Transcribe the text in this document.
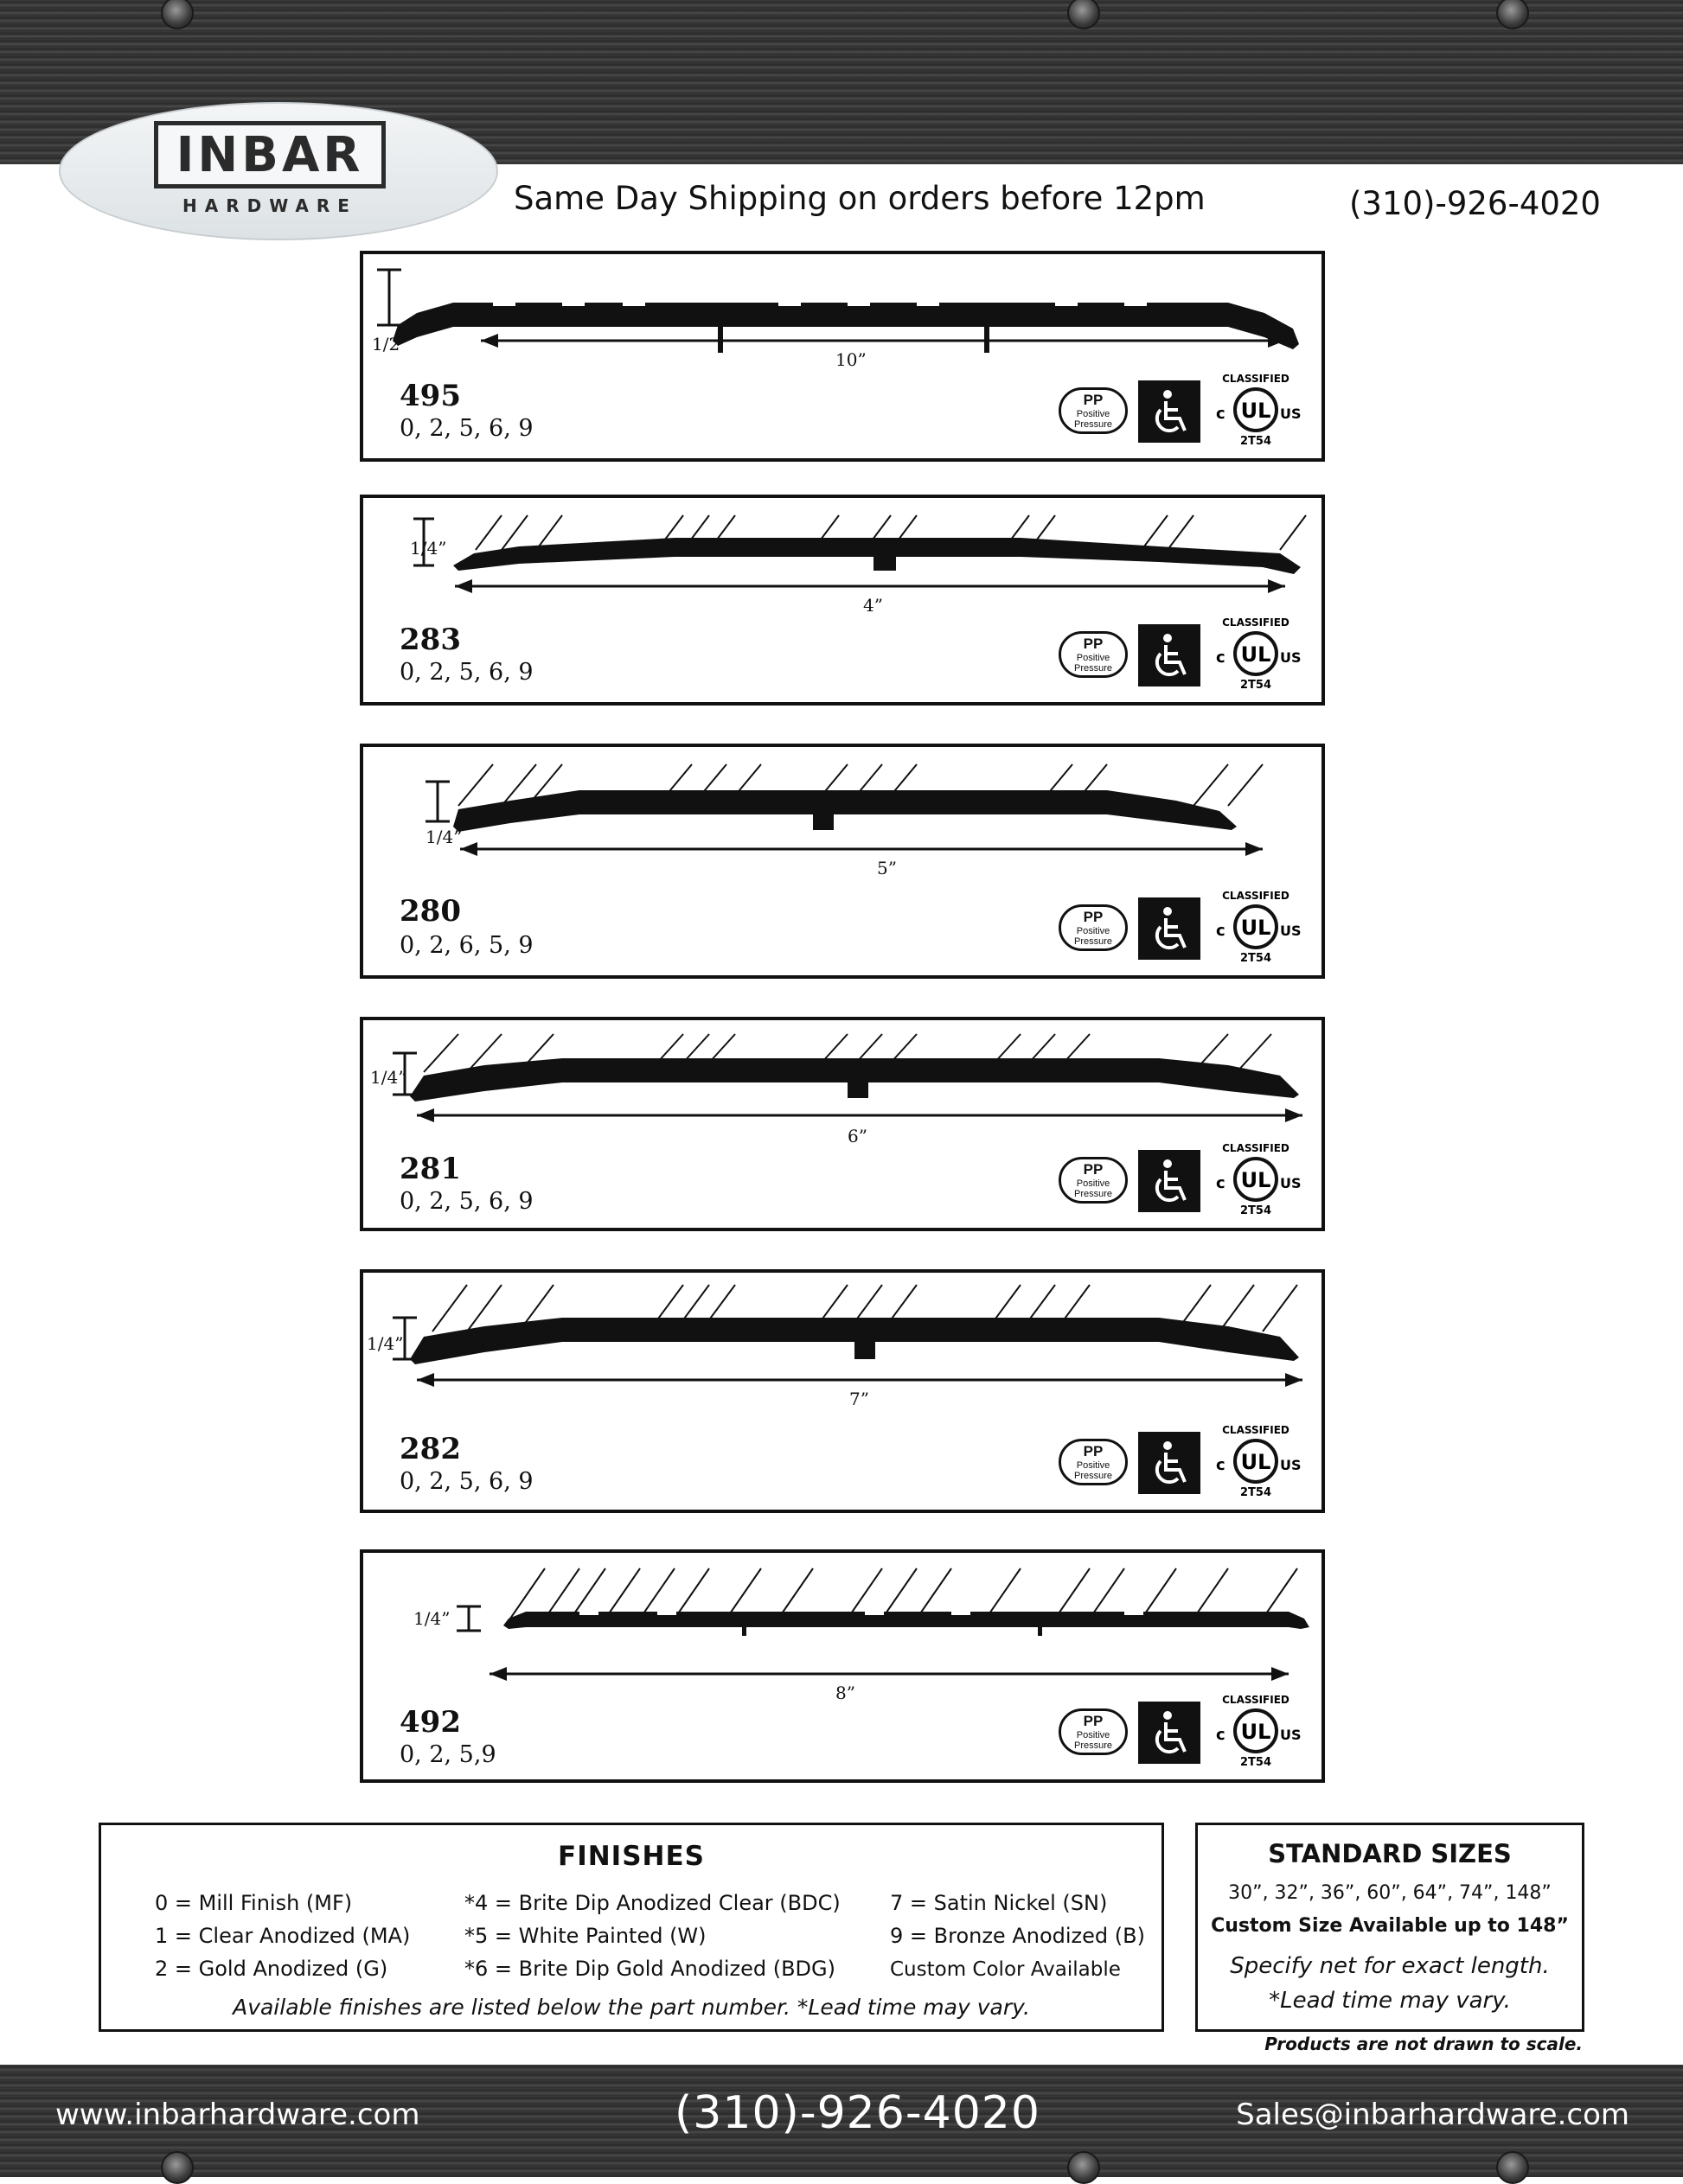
INBAR
HARDWARE	Same Day Shipping on orders before 12pm	(310)-926-4020
1/2”
10”
495
0, 2, 5, 6, 9
PP
Positive
Pressure
CLASSIFIED
UL
c	US
2T54
1/4”
4”
283
0, 2, 5, 6, 9
PP
Positive
Pressure
CLASSIFIED
UL
c	US
2T54
1/4”
5”
280
0, 2, 6, 5, 9
PP
Positive
Pressure
CLASSIFIED
UL
c	US
2T54
1/4”
6”
281
0, 2, 5, 6, 9
PP
Positive
Pressure
CLASSIFIED
UL
c	US
2T54
1/4”
7”
282
0, 2, 5, 6, 9
PP
Positive
Pressure
CLASSIFIED
UL
c	US
2T54
1/4”
8”
492
0, 2, 5,9
PP
Positive
Pressure
CLASSIFIED
UL
c	US
2T54
FINISHES
0 = Mill Finish (MF)
1 = Clear Anodized (MA)
2 = Gold Anodized (G)
*4 = Brite Dip Anodized Clear (BDC)
*5 = White Painted (W)
*6 = Brite Dip Gold Anodized (BDG)
7 = Satin Nickel (SN)
9 = Bronze Anodized (B)
Custom Color Available
Available finishes are listed below the part number. *Lead time may vary.
STANDARD SIZES
30”, 32”, 36”, 60”, 64”, 74”, 148”
Custom Size Available up to 148”
Specify net for exact length.
*Lead time may vary.
Products are not drawn to scale.
www.inbarhardware.com	(310)-926-4020	Sales@inbarhardware.com
